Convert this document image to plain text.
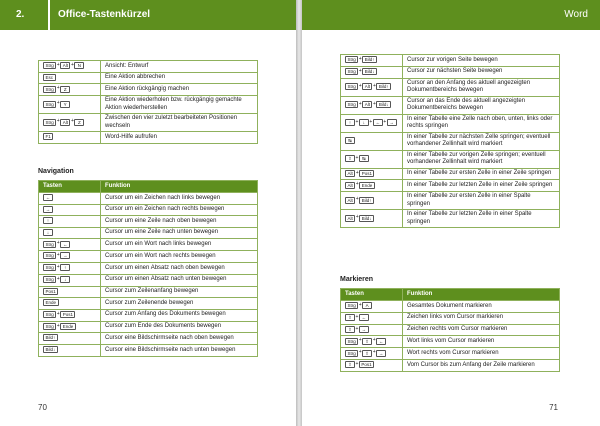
2.	Office-Tastenkürzel
Strg + Alt + N	Ansicht: Entwurf
Esc	Eine Aktion abbrechen
Strg + Z	Eine Aktion rückgängig machen
Strg + Y	Eine Aktion wiederholen bzw. rückgängig gemachte Aktion wiederherstellen
Strg + Alt + Z	Zwischen den vier zuletzt bearbeiteten Positionen wechseln
F1	Word-Hilfe aufrufen
Navigation
Tasten	Funktion
←	Cursor um ein Zeichen nach links bewegen
→	Cursor um ein Zeichen nach rechts bewegen
↑	Cursor um eine Zeile nach oben bewegen
↓	Cursor um eine Zeile nach unten bewegen
Strg + ←	Cursor um ein Wort nach links bewegen
Strg + →	Cursor um ein Wort nach rechts bewegen
Strg + ↑	Cursor um einen Absatz nach oben bewegen
Strg + ↓	Cursor um einen Absatz nach unten bewegen
Pos1	Cursor zum Zeilenanfang bewegen
Ende	Cursor zum Zeilenende bewegen
Strg + Pos1	Cursor zum Anfang des Dokuments bewegen
Strg + Ende	Cursor zum Ende des Dokuments bewegen
Bild↑	Cursor eine Bildschirmseite nach oben bewegen
Bild↓	Cursor eine Bildschirmseite nach unten bewegen
70
Word
Strg + Bild↑	Cursor zur vorigen Seite bewegen
Strg + Bild↓	Cursor zur nächsten Seite bewegen
Strg + Alt + Bild↑	Cursor an den Anfang des aktuell angezeigten Dokumentbereichs bewegen
Strg + Alt + Bild↓	Cursor an das Ende des aktuell angezeigten Dokumentbereichs bewegen
↑ + ↓ + ← + →	In einer Tabelle eine Zelle nach oben, unten, links oder rechts springen
↹	In einer Tabelle zur nächsten Zelle springen; eventuell vorhandener Zellinhalt wird markiert
⇧ + ↹	In einer Tabelle zur vorigen Zelle springen; eventuell vorhandener Zellinhalt wird markiert
Alt + Pos1	In einer Tabelle zur ersten Zelle in einer Zeile springen
Alt + Ende	In einer Tabelle zur letzten Zelle in einer Zeile springen
Alt + Bild↑	In einer Tabelle zur ersten Zelle in einer Spalte springen
Alt + Bild↓	In einer Tabelle zur letzten Zelle in einer Spalte springen
Markieren
Tasten	Funktion
Strg + A	Gesamtes Dokument markieren
⇧ + ←	Zeichen links vom Cursor markieren
⇧ + →	Zeichen rechts vom Cursor markieren
Strg + ⇧ + ←	Wort links vom Cursor markieren
Strg + ⇧ + →	Wort rechts vom Cursor markieren
⇧ + Pos1	Vom Cursor bis zum Anfang der Zeile markieren
71
